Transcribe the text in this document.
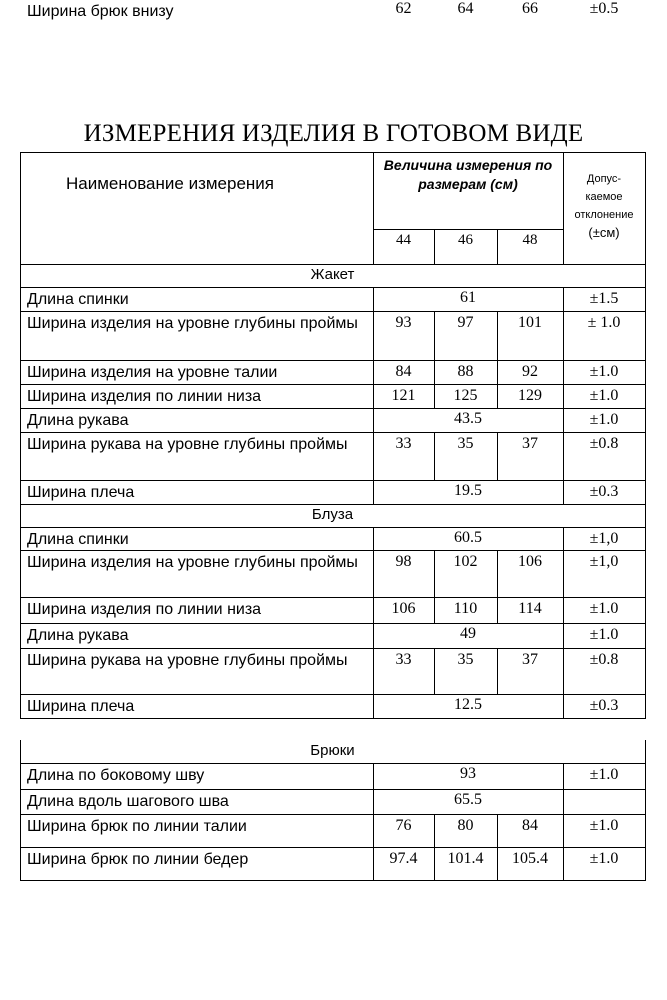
ИЗМЕРЕНИЯ ИЗДЕЛИЯ В ГОТОВОМ ВИДЕ
Наименование измерения
Величина измерения по размерам (см)	Допус-
каемое
отклонение
(±см)
44	46	48
Жакет
Длина спинки	61	±1.5
Ширина изделия на уровне глубины проймы	93	97	101	± 1.0
Ширина изделия на уровне талии	84	88	92	±1.0
Ширина изделия по линии низа	121	125	129	±1.0
Длина рукава	43.5	±1.0
Ширина рукава на уровне глубины проймы	33	35	37	±0.8
Ширина плеча	19.5	±0.3
Блуза
Длина спинки	60.5	±1,0
Ширина изделия на уровне глубины проймы	98	102	106	±1,0
Ширина изделия по линии низа	106	110	114	±1.0
Длина рукава	49	±1.0
Ширина рукава на уровне глубины проймы	33	35	37	±0.8
Ширина плеча	12.5	±0.3
Брюки
Длина по боковому шву	93	±1.0
Длина вдоль шагового шва	65.5
Ширина брюк по линии талии	76	80	84	±1.0
Ширина брюк по линии бедер	97.4	101.4	105.4	±1.0
Ширина брюк внизу	62	64	66	±0.5
